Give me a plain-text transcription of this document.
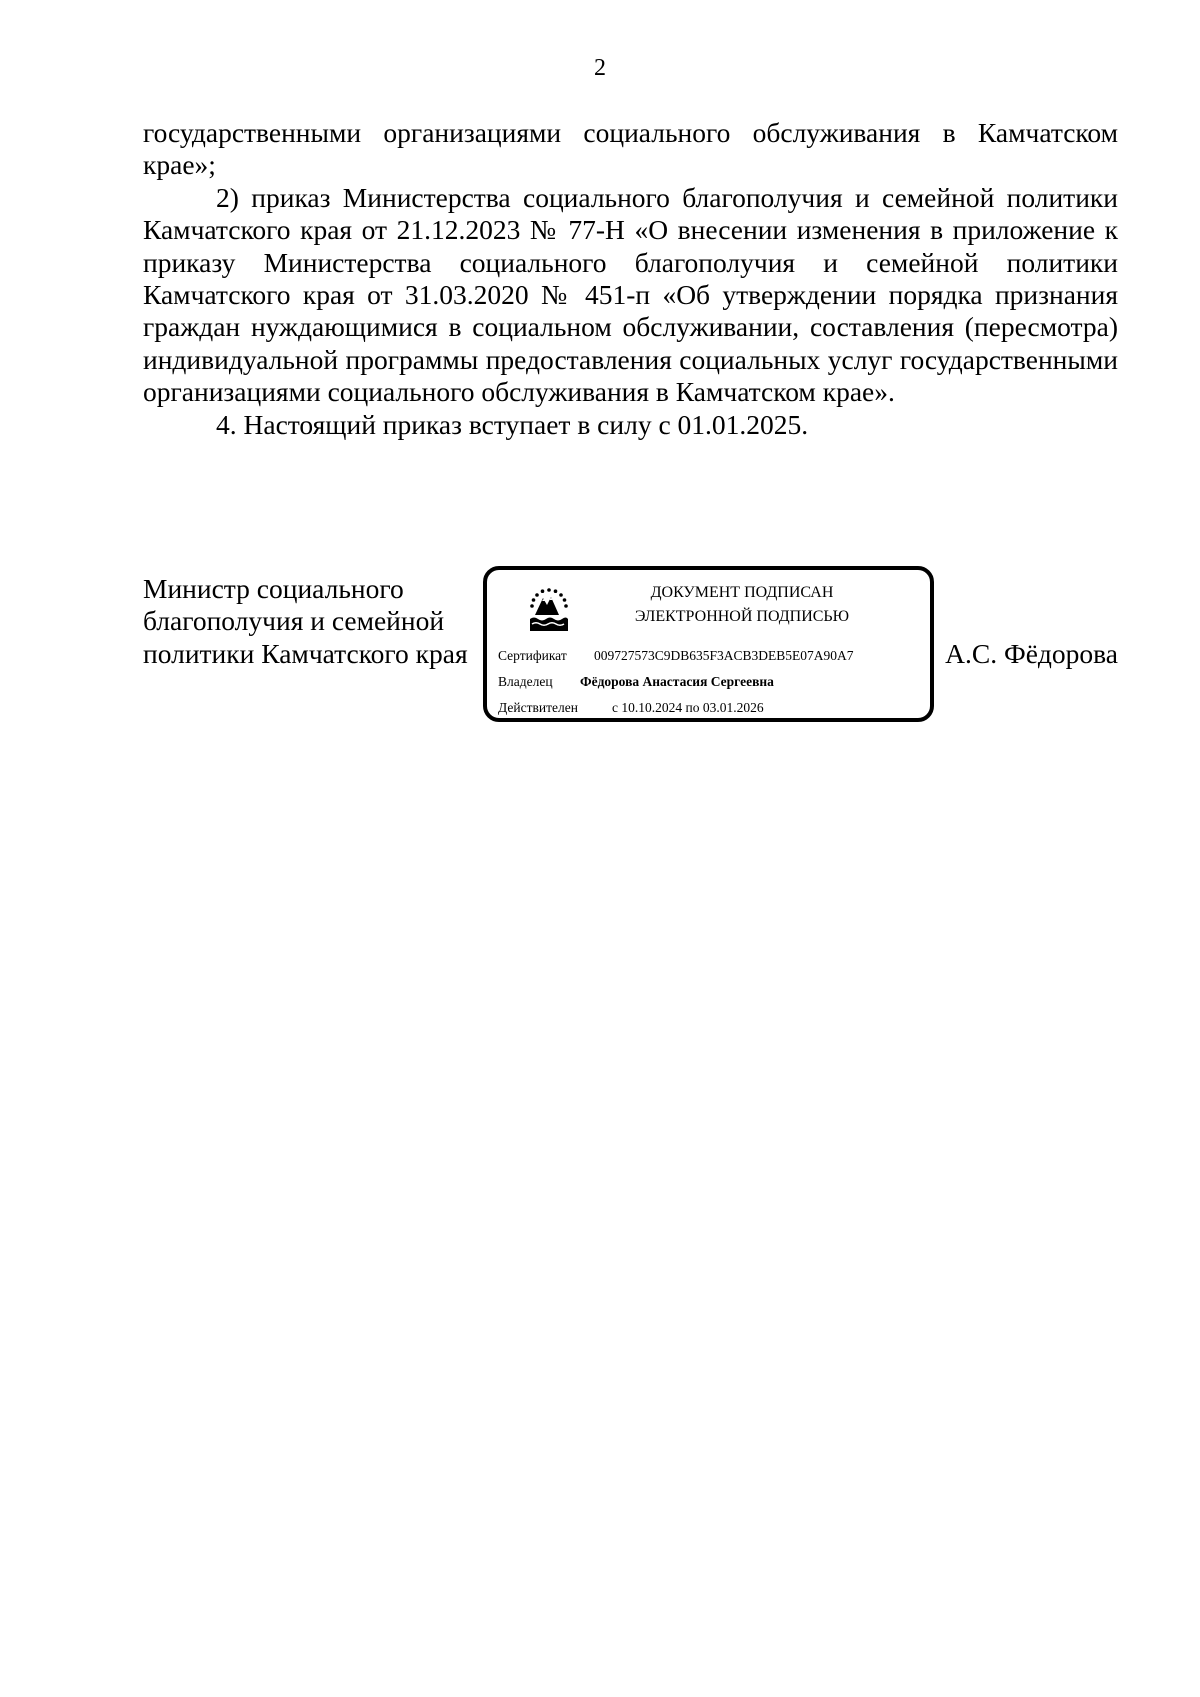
2

государственными организациями социального обслуживания в Камчатском крае»;

2) приказ Министерства социального благополучия и семейной политики Камчатского края от 21.12.2023 № 77-Н «О внесении изменения в приложение к приказу Министерства социального благополучия и семейной политики Камчатского края от 31.03.2020 № 451-п «Об утверждении порядка признания граждан нуждающимися в социальном обслуживании, составления (пересмотра) индивидуальной программы предоставления социальных услуг государственными организациями социального обслуживания в Камчатском крае».

4. Настоящий приказ вступает в силу с 01.01.2025.

Министр социального
благополучия и семейной
политики Камчатского края	А.С. Фёдорова
ДОКУМЕНТ ПОДПИСАН
ЭЛЕКТРОННОЙ ПОДПИСЬЮ
Сертификат 009727573C9DB635F3ACB3DEB5E07A90A7
Владелец Фёдорова Анастасия Сергеевна
Действителен	с 10.10.2024 по 03.01.2026
